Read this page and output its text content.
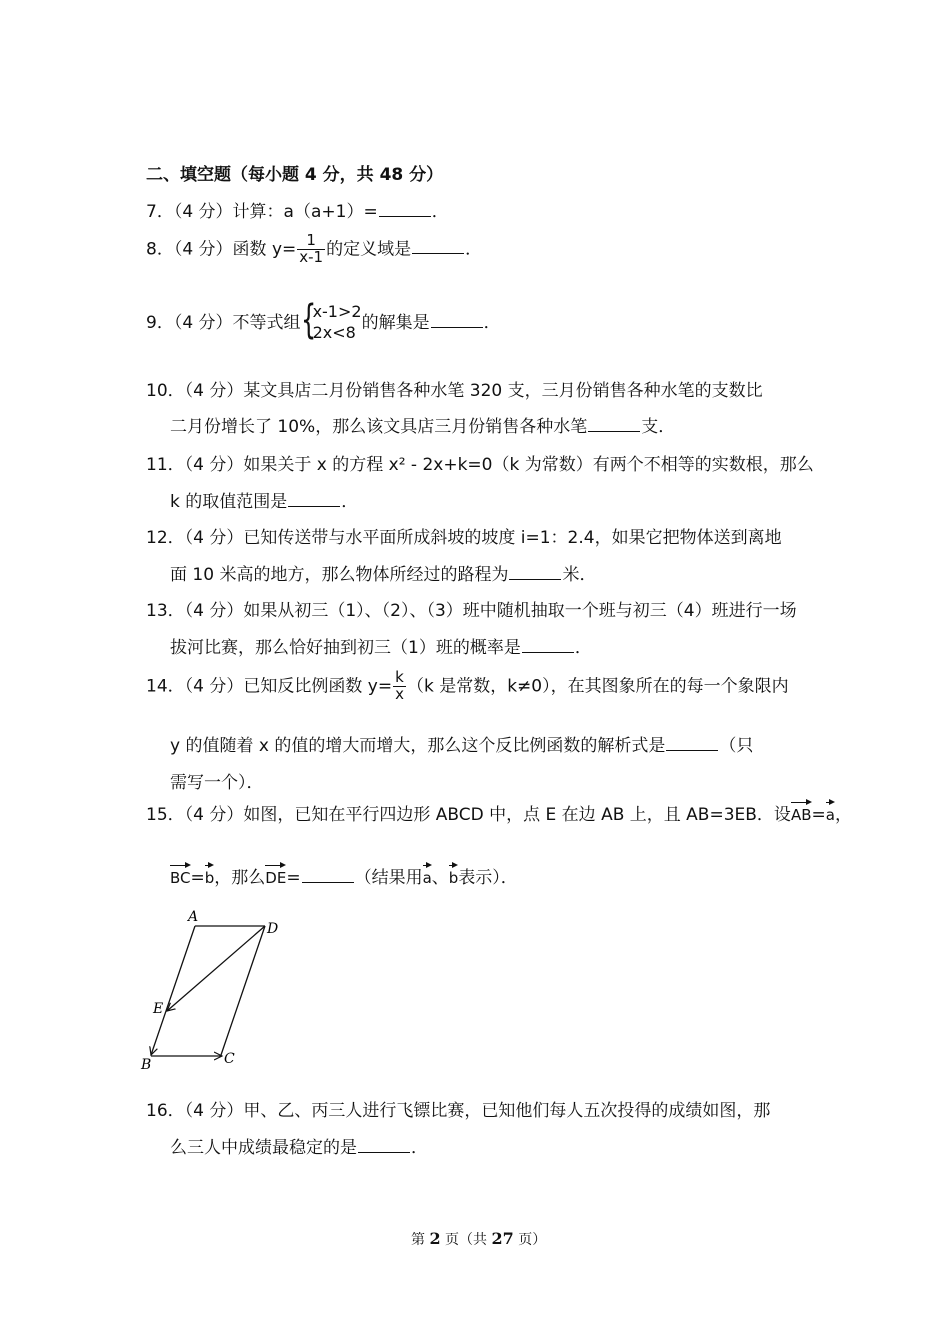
二、填空题（每小题 4 分，共 48 分）
7．（4 分）计算：a（a+1）=	．
8．（4 分）函数 $y= \frac{1}{x-1}$ 的定义域是	．
9．（4 分）不等式组 {
x-1>2
2x<8 的解集是	．
10．（4 分）某文具店二月份销售各种水笔 320 支，三月份销售各种水笔的支数比
二月份增长了 10%，那么该文具店三月份销售各种水笔	支．
11．（4 分）如果关于 x 的方程 x² - 2x+k=0（k 为常数）有两个不相等的实数根，那么
k 的取值范围是	．
12．（4 分）已知传送带与水平面所成斜坡的坡度 i=1：2.4，如果它把物体送到离地
面 10 米高的地方，那么物体所经过的路程为	米．
13．（4 分）如果从初三（1）、（2）、（3）班中随机抽取一个班与初三（4）班进行一场
拔河比赛，那么恰好抽到初三（1）班的概率是	．
14．（4 分）已知反比例函数 $y= \frac{k}{x} (k$ 是常数，k≠0），在其图象所在的每一个象限内
y 的值随着 x 的值的增大而增大，那么这个反比例函数的解析式是	（只
需写一个）．
15．（4 分）如图，已知在平行四边形 ABCD 中，点 E 在边 AB 上，且 AB=3EB．设AB=a，
BC=b，那么DE=	（结果用a、b表示）．
A
D
E
B	C
16．（4 分）甲、乙、丙三人进行飞镖比赛，已知他们每人五次投得的成绩如图，那
么三人中成绩最稳定的是	．
第 2 页（共 27 页）
